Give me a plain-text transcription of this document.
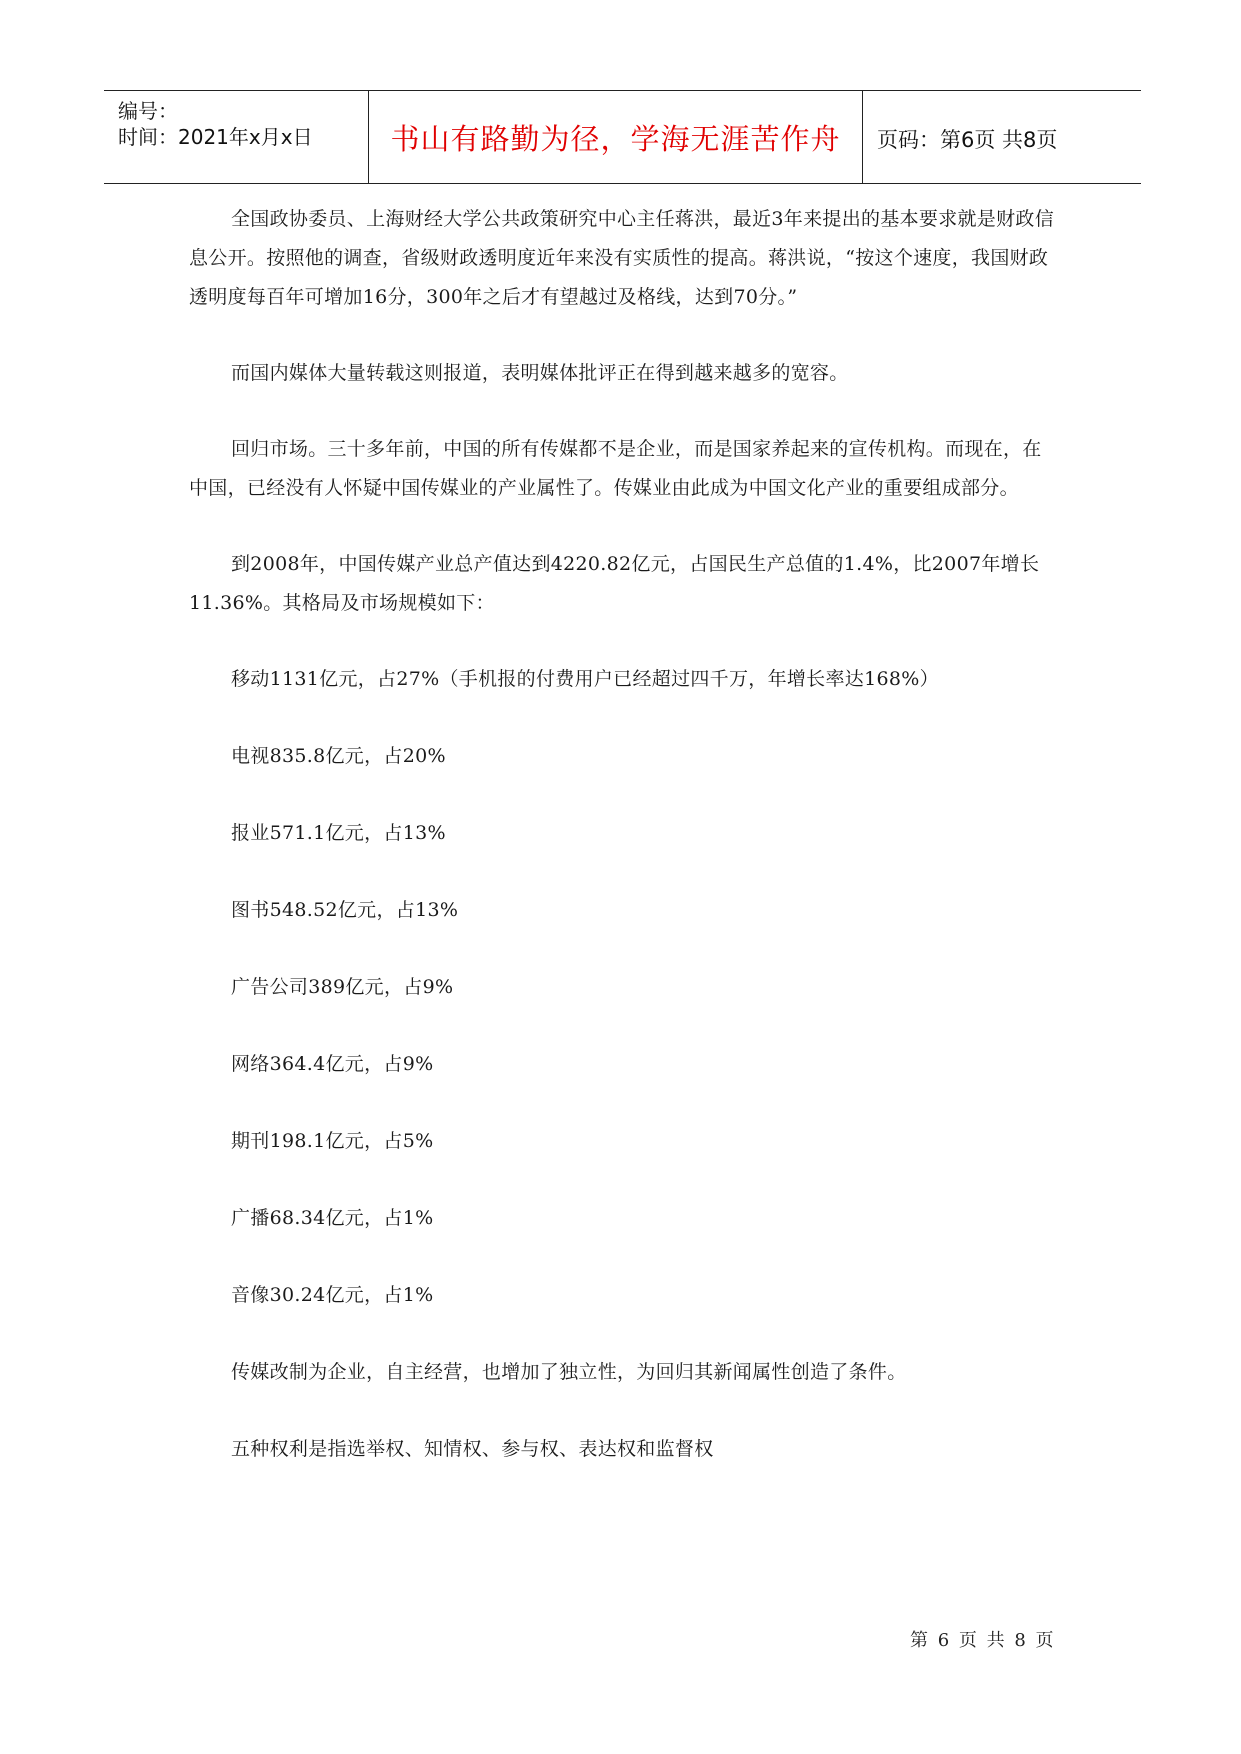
编号：
时间：2021年x月x日	书山有路勤为径，学海无涯苦作舟	页码：第6页 共8页

全国政协委员、上海财经大学公共政策研究中心主任蒋洪，最近3年来提出的基本要求就是财政信息公开。按照他的调查，省级财政透明度近年来没有实质性的提高。蒋洪说，“按这个速度，我国财政透明度每百年可增加16分，300年之后才有望越过及格线，达到70分。”

而国内媒体大量转载这则报道，表明媒体批评正在得到越来越多的宽容。

回归市场。三十多年前，中国的所有传媒都不是企业，而是国家养起来的宣传机构。而现在，在中国，已经没有人怀疑中国传媒业的产业属性了。传媒业由此成为中国文化产业的重要组成部分。

到2008年，中国传媒产业总产值达到4220.82亿元，占国民生产总值的1.4%，比2007年增长11.36%。其格局及市场规模如下：

移动1131亿元，占27%（手机报的付费用户已经超过四千万，年增长率达168%）

电视835.8亿元，占20%

报业571.1亿元，占13%

图书548.52亿元，占13%

广告公司389亿元，占9%

网络364.4亿元，占9%

期刊198.1亿元，占5%

广播68.34亿元，占1%

音像30.24亿元，占1%

传媒改制为企业，自主经营，也增加了独立性，为回归其新闻属性创造了条件。

五种权利是指选举权、知情权、参与权、表达权和监督权

第 6 页 共 8 页
